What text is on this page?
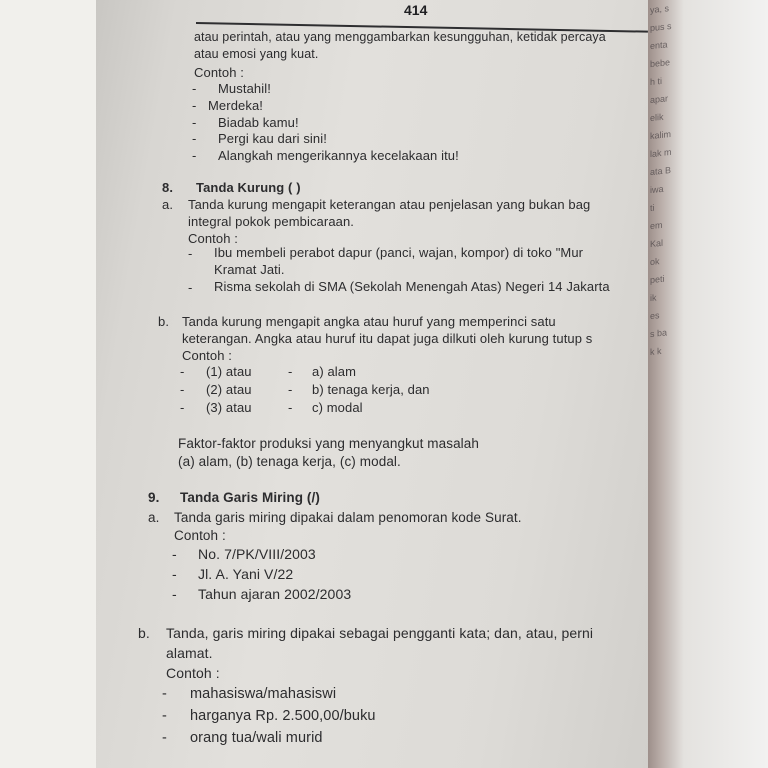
414
atau perintah, atau yang menggambarkan kesungguhan, ketidak percaya
atau emosi yang kuat.
Contoh :
- Mustahil!
- Merdeka!
- Biadab kamu!
- Pergi kau dari sini!
- Alangkah mengerikannya kecelakaan itu!
8. Tanda Kurung ( )
a. Tanda kurung mengapit keterangan atau penjelasan yang bukan bag
integral pokok pembicaraan.
Contoh :
- Ibu membeli perabot dapur (panci, wajan, kompor) di toko "Mur
Kramat Jati.
- Risma sekolah di SMA (Sekolah Menengah Atas) Negeri 14 Jakarta
b. Tanda kurung mengapit angka atau huruf yang memperinci satu
keterangan. Angka atau huruf itu dapat juga dilkuti oleh kurung tutup s
Contoh :
- (1) atau	- a) alam
- (2) atau	- b) tenaga kerja, dan
- (3) atau	- c) modal
Faktor-faktor produksi yang menyangkut masalah
(a) alam, (b) tenaga kerja, (c) modal.
9. Tanda Garis Miring (/)
a. Tanda garis miring dipakai dalam penomoran kode Surat.
Contoh :
- No. 7/PK/VIII/2003
- Jl. A. Yani V/22
- Tahun ajaran 2002/2003
b. Tanda, garis miring dipakai sebagai pengganti kata; dan, atau, perni
alamat.
Contoh :
- mahasiswa/mahasiswi
- harganya Rp. 2.500,00/buku
- orang tua/wali murid
ya, s
pus s
enta
bebe
h ti
apar
elik
kalim
lak m
ata B
iwa
ti
em
Kal
ok
peti
ik
es
s ba
k k
